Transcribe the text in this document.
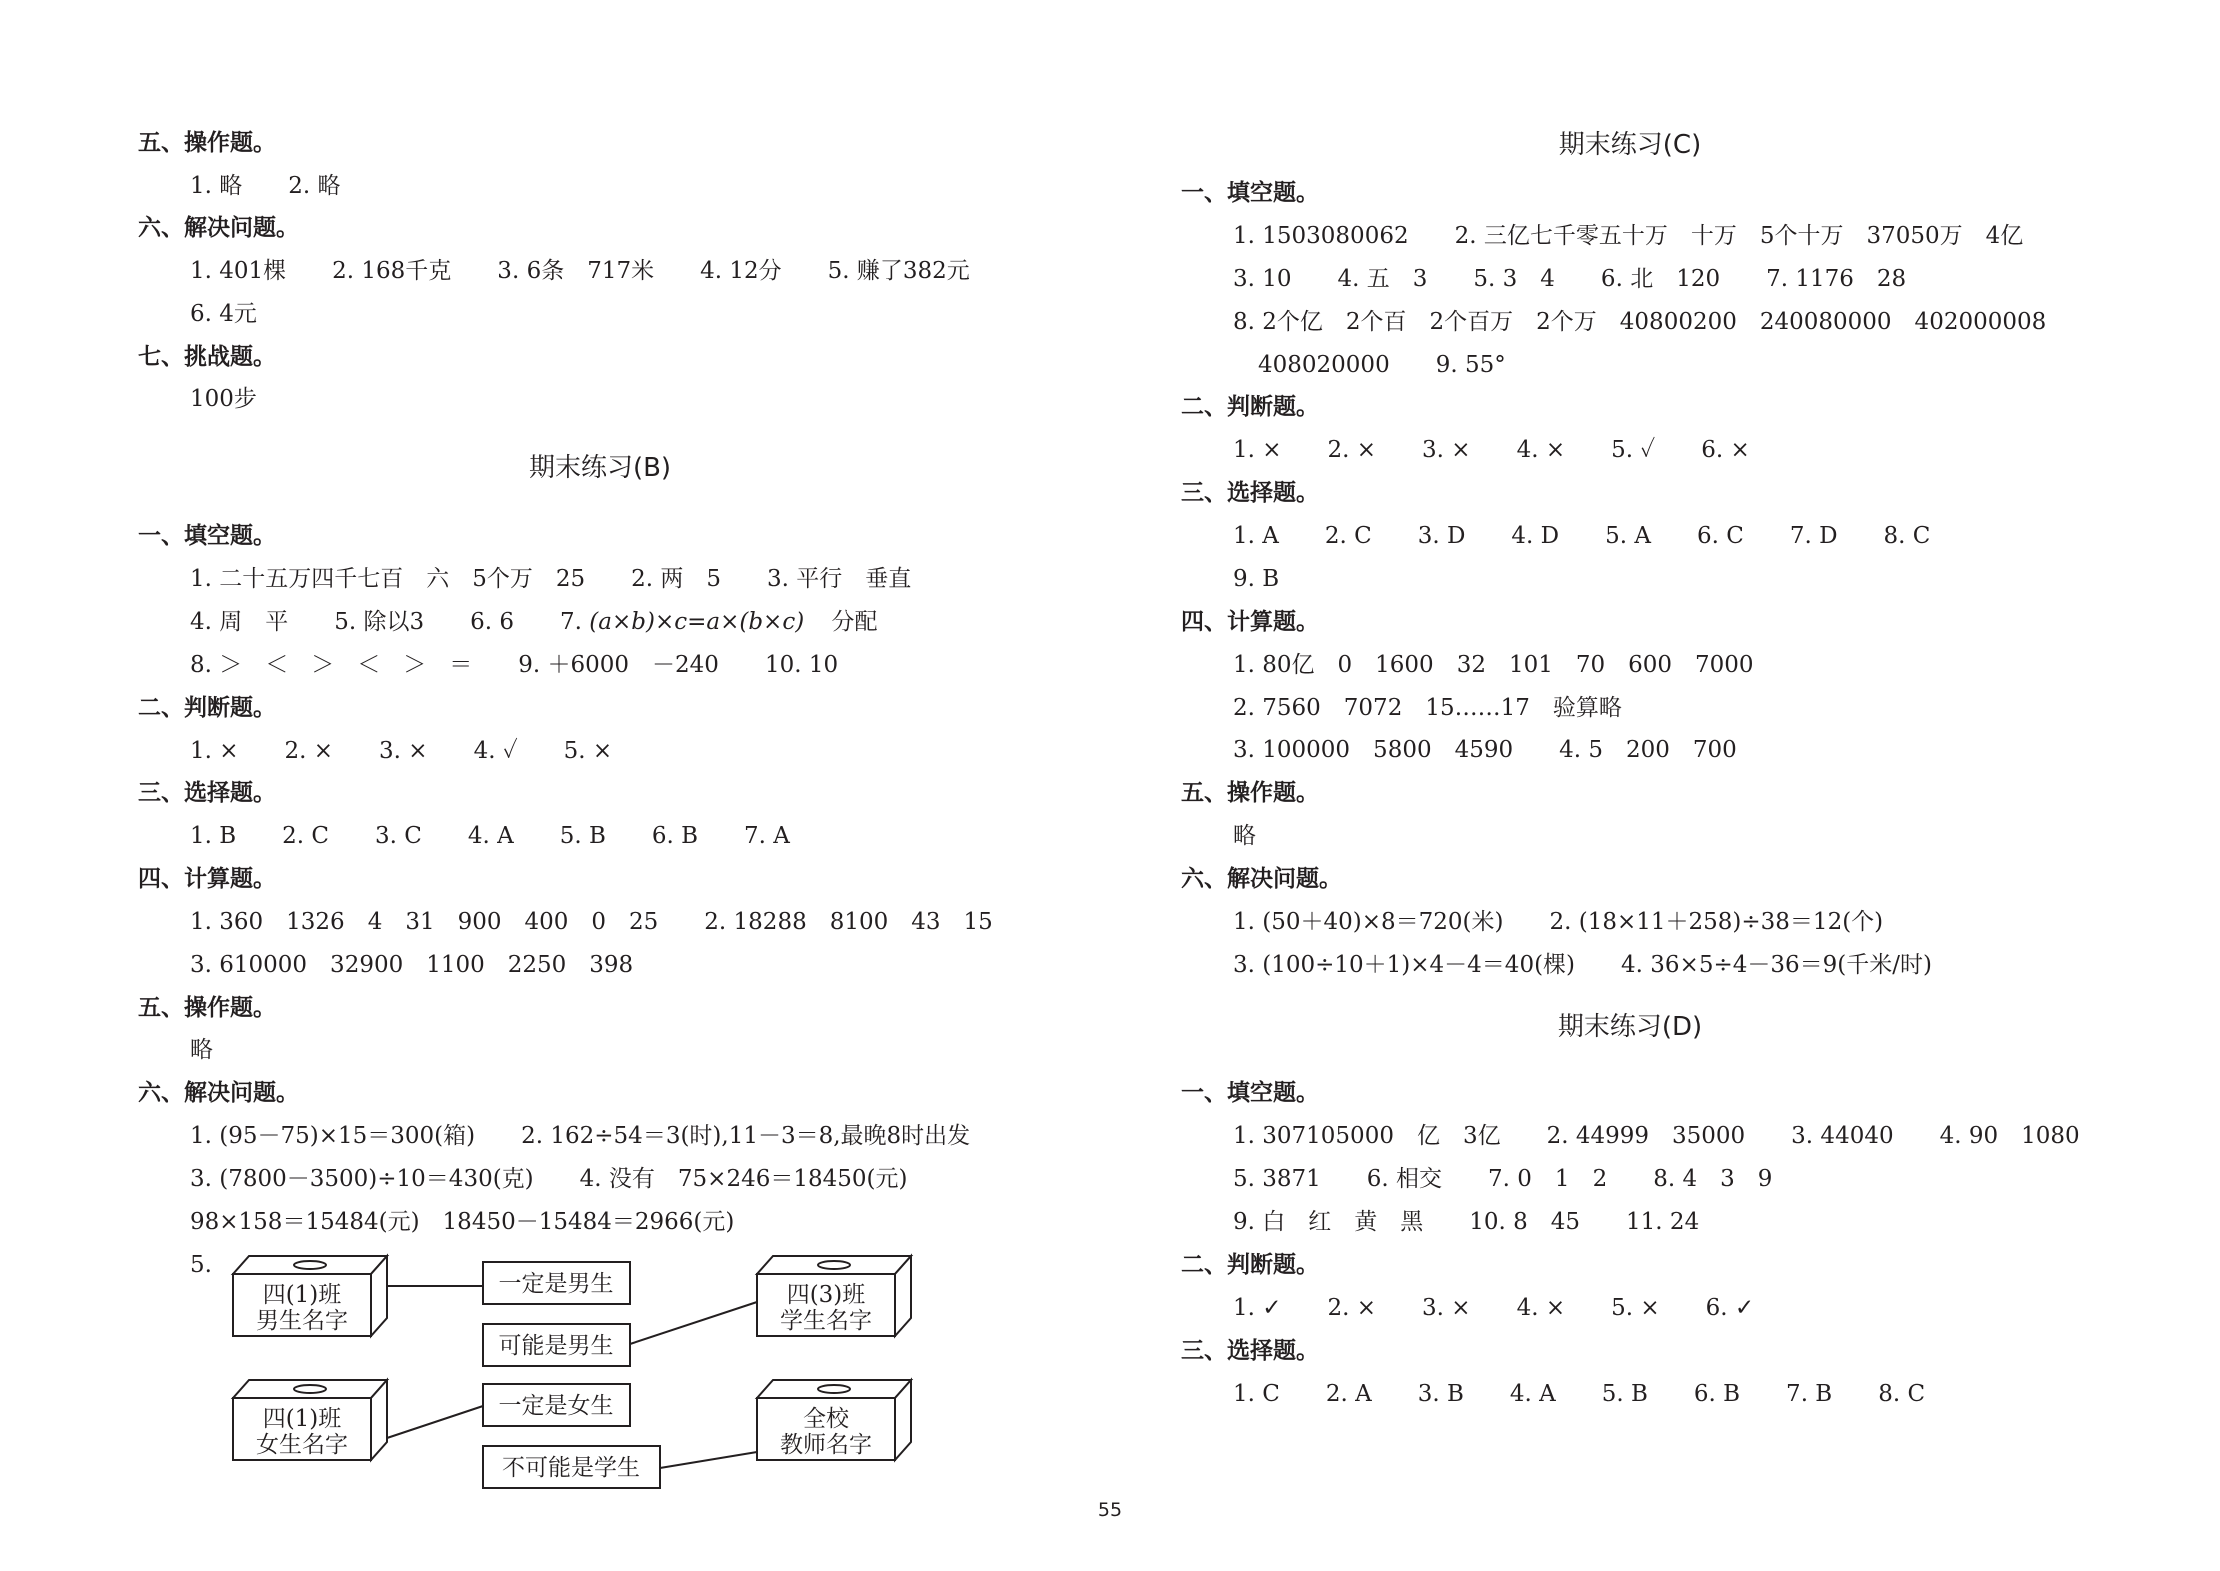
五、操作题。
1. 略　　2. 略
六、解决问题。
1. 401棵　　2. 168千克　　3. 6条　717米　　4. 12分　　5. 赚了382元
6. 4元
七、挑战题。
100步
期末练习(B)
一、填空题。
1. 二十五万四千七百　六　5个万　25　　2. 两　5　　3. 平行　垂直
4. 周　平　　5. 除以3　　6. 6　　7. (a×b)×c=a×(b×c) 分配
8. ＞　＜　＞　＜　＞　＝　　9. ＋6000　－240　　10. 10
二、判断题。
1. ×　　2. ×　　3. ×　　4. ✓　　5. ×
三、选择题。
1. B　　2. C　　3. C　　4. A　　5. B　　6. B　　7. A
四、计算题。
1. 360　1326　4　31　900　400　0　25　　2. 18288　8100　43　15
3. 610000　32900　1100　2250　398
五、操作题。
略
六、解决问题。
1. (95－75)×15＝300(箱)　　2. 162÷54＝3(时),11－3＝8,最晚8时出发
3. (7800－3500)÷10＝430(克)　　4. 没有　75×246＝18450(元)
98×158＝15484(元)　18450－15484＝2966(元)
5.
四(1)班
男生名字
四(3)班
学生名字
四(1)班
女生名字
全校
教师名字
一定是男生
可能是男生
一定是女生
不可能是学生
期末练习(C)
一、填空题。
1. 1503080062　　2. 三亿七千零五十万　十万　5个十万　37050万　4亿
3. 10　　4. 五　3　　5. 3　4　　6. 北　120　　7. 1176　28
8. 2个亿　2个百　2个百万　2个万　40800200　240080000　402000008
408020000　　9. 55°
二、判断题。
1. ×　　2. ×　　3. ×　　4. ×　　5. ✓　　6. ×
三、选择题。
1. A　　2. C　　3. D　　4. D　　5. A　　6. C　　7. D　　8. C
9. B
四、计算题。
1. 80亿　0　1600　32　101　70　600　7000
2. 7560　7072　15……17　验算略
3. 100000　5800　4590　　4. 5　200　700
五、操作题。
略
六、解决问题。
1. (50＋40)×8＝720(米)　　2. (18×11＋258)÷38＝12(个)
3. (100÷10＋1)×4－4＝40(棵)　　4. 36×5÷4－36＝9(千米/时)
期末练习(D)
一、填空题。
1. 307105000　亿　3亿　　2. 44999　35000　　3. 44040　　4. 90　1080
5. 3871　　6. 相交　　7. 0　1　2　　8. 4　3　9
9. 白　红　黄　黑　　10. 8　45　　11. 24
二、判断题。
1. ✓　　2. ×　　3. ×　　4. ×　　5. ×　　6. ✓
三、选择题。
1. C　　2. A　　3. B　　4. A　　5. B　　6. B　　7. B　　8. C
55
